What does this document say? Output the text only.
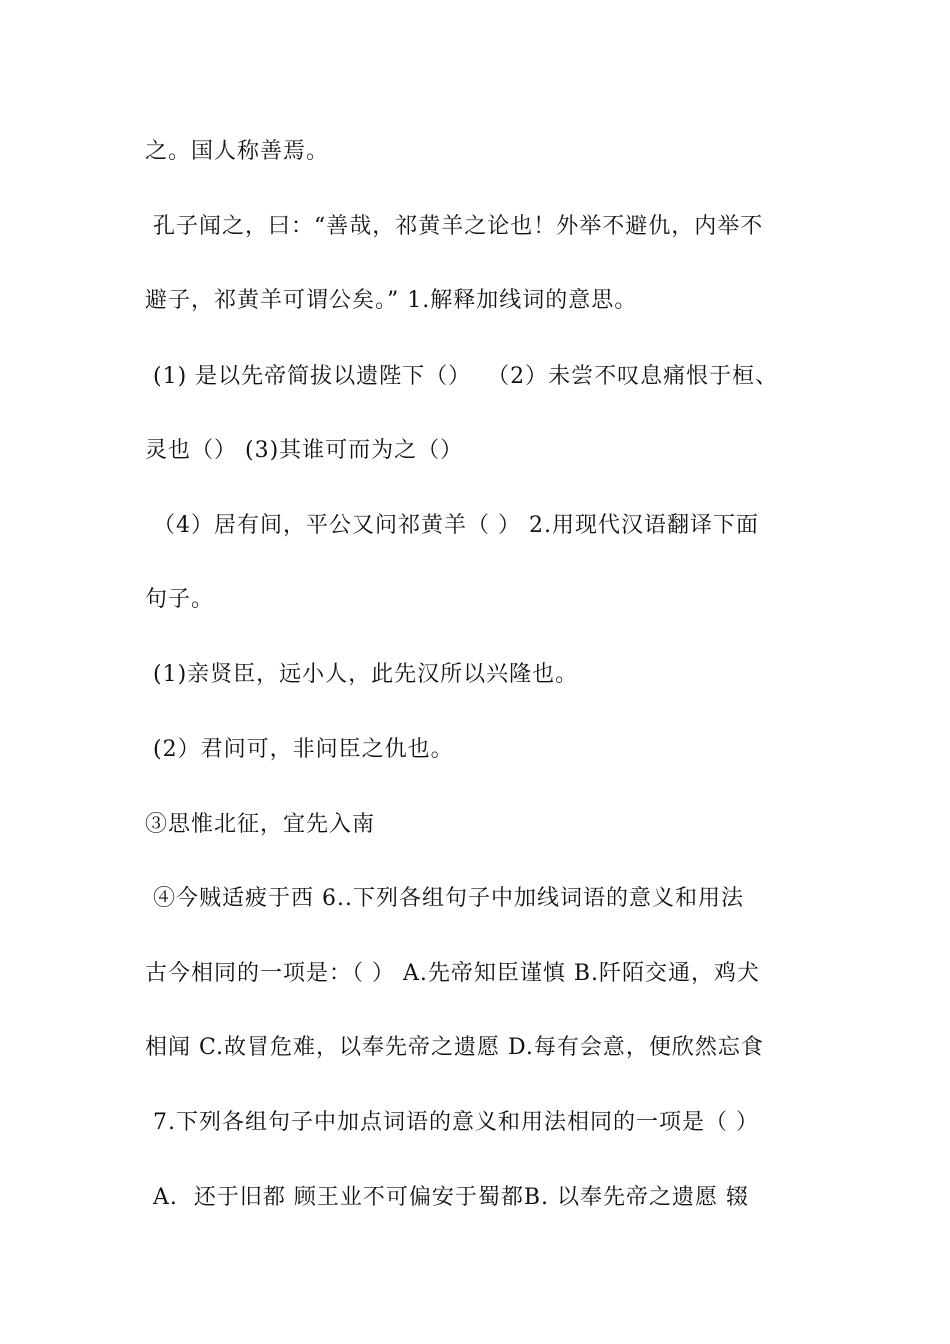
之。国人称善焉。
孔子闻之，曰：“善哉，祁黄羊之论也！外举不避仇，内举不
避子，祁黄羊可谓公矣。” 1.解释加线词的意思。
(1) 是以先帝简拔以遗陛下（）  （2）未尝不叹息痛恨于桓、
灵也（） (3)其谁可而为之（）
（4）居有间，平公又问祁黄羊（ ） 2.用现代汉语翻译下面
句子。
(1)亲贤臣，远小人，此先汉所以兴隆也。
(2）君问可，非问臣之仇也。
③思惟北征，宜先入南
④今贼适疲于西 6..下列各组句子中加线词语的意义和用法
古今相同的一项是：（ ） A.先帝知臣谨慎 B.阡陌交通，鸡犬
相闻 C.故冒危难，以奉先帝之遗愿 D.每有会意，便欣然忘食
7.下列各组句子中加点词语的意义和用法相同的一项是（ ）
A.  还于旧都 顾王业不可偏安于蜀都B. 以奉先帝之遗愿 辍
